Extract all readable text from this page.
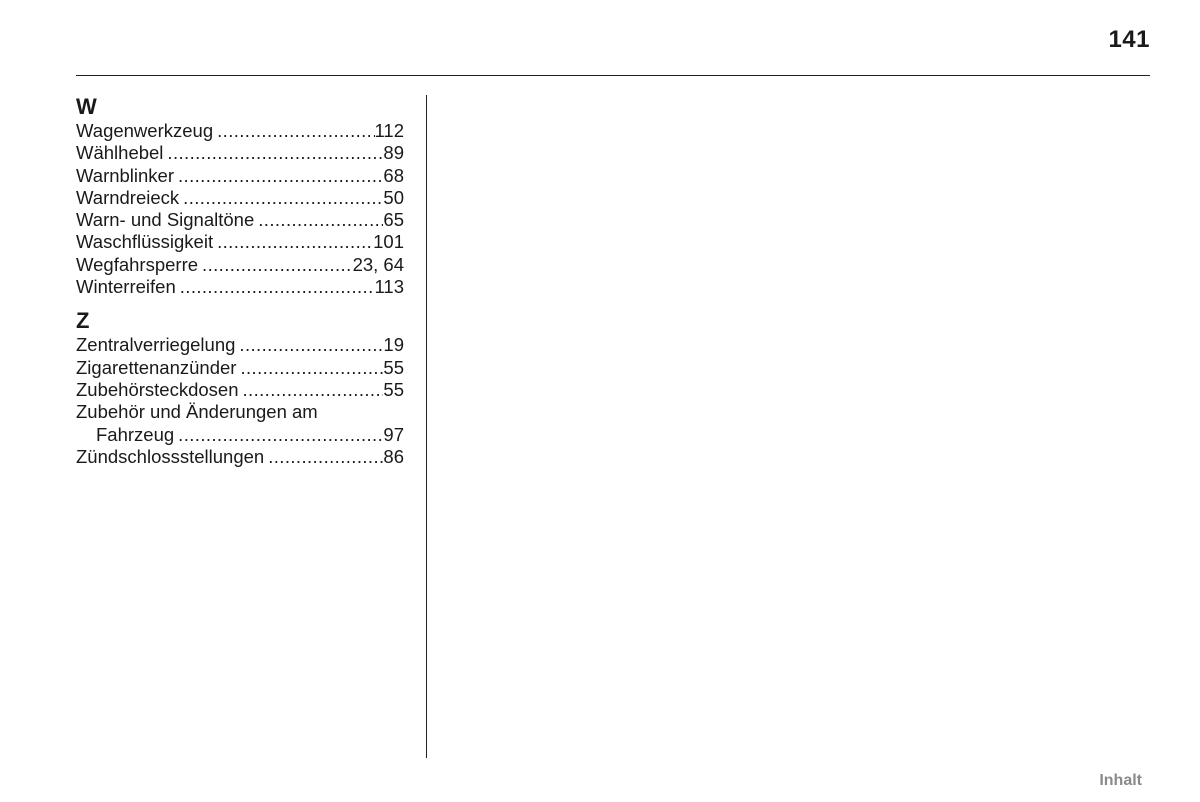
141
W
Wagenwerkzeug .....	112
Wählhebel .....	89
Warnblinker .....	68
Warndreieck .....	50
Warn- und Signaltöne .....	65
Waschflüssigkeit .....	101
Wegfahrsperre .....	23, 64
Winterreifen .....	113
Z
Zentralverriegelung .....	19
Zigarettenanzünder .....	55
Zubehörsteckdosen .....	55
Zubehör und Änderungen am
Fahrzeug .....	97
Zündschlossstellungen .....	86
Inhalt
